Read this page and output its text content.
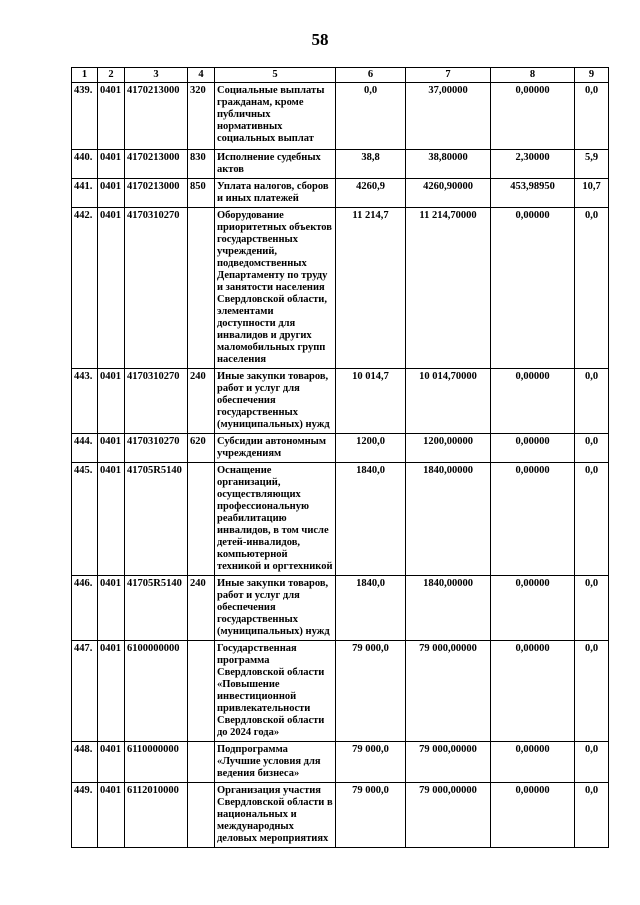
58
1	2	3	4	5	6	7	8	9
439.	0401	4170213000	320	Социальные выплаты гражданам, кроме публичных нормативных социальных выплат	0,0	37,00000	0,00000	0,0
440.	0401	4170213000	830	Исполнение судебных актов	38,8	38,80000	2,30000	5,9
441.	0401	4170213000	850	Уплата налогов, сборов и иных платежей	4260,9	4260,90000	453,98950	10,7
442.	0401	4170310270		Оборудование приоритетных объектов государственных учреждений, подведомственных Департаменту по труду и занятости населения Свердловской области, элементами доступности для инвалидов и других маломобильных групп населения	11 214,7	11 214,70000	0,00000	0,0
443.	0401	4170310270	240	Иные закупки товаров, работ и услуг для обеспечения государственных (муниципальных) нужд	10 014,7	10 014,70000	0,00000	0,0
444.	0401	4170310270	620	Субсидии автономным учреждениям	1200,0	1200,00000	0,00000	0,0
445.	0401	41705R5140		Оснащение организаций, осуществляющих профессиональную реабилитацию инвалидов, в том числе детей-инвалидов, компьютерной техникой и оргтехникой	1840,0	1840,00000	0,00000	0,0
446.	0401	41705R5140	240	Иные закупки товаров, работ и услуг для обеспечения государственных (муниципальных) нужд	1840,0	1840,00000	0,00000	0,0
447.	0401	6100000000		Государственная программа Свердловской области «Повышение инвестиционной привлекательности Свердловской области до 2024 года»	79 000,0	79 000,00000	0,00000	0,0
448.	0401	6110000000		Подпрограмма «Лучшие условия для ведения бизнеса»	79 000,0	79 000,00000	0,00000	0,0
449.	0401	6112010000		Организация участия Свердловской области в национальных и международных деловых мероприятиях	79 000,0	79 000,00000	0,00000	0,0
